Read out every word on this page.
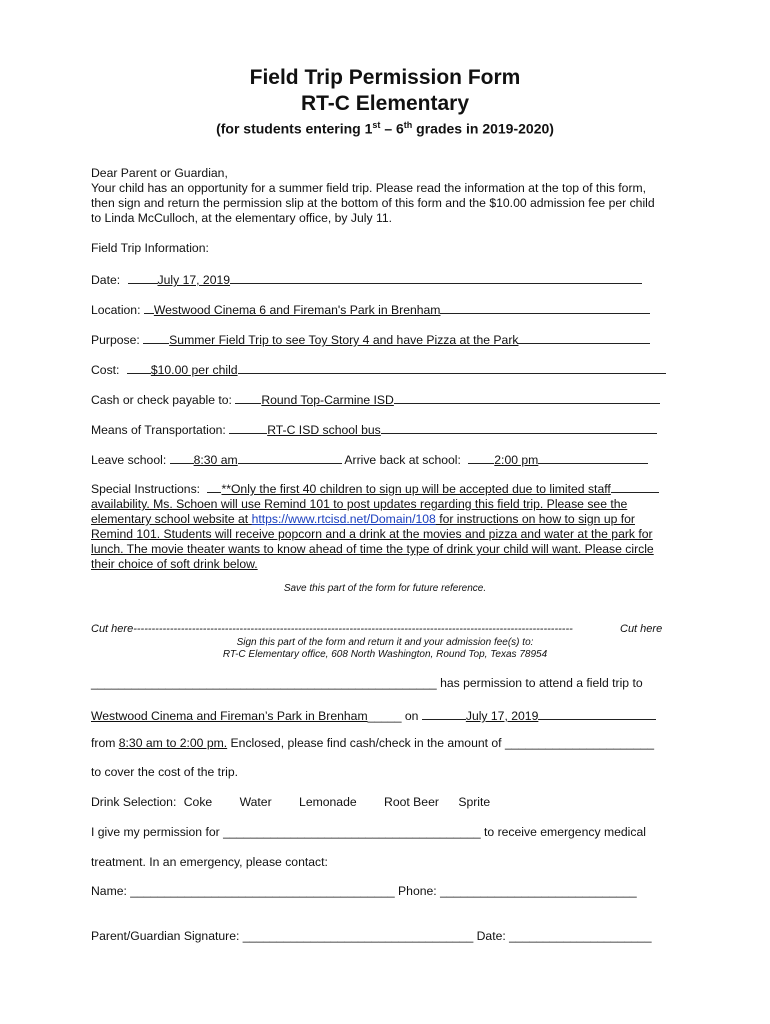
Field Trip Permission Form
RT-C Elementary
(for students entering 1st – 6th grades in 2019-2020)
Dear Parent or Guardian,
Your child has an opportunity for a summer field trip. Please read the information at the top of this form,
then sign and return the permission slip at the bottom of this form and the $10.00 admission fee per child
to Linda McCulloch, at the elementary office, by July 11.
Field Trip Information:
Date:	July 17, 2019
Location: Westwood Cinema 6 and Fireman's Park in Brenham
Purpose: Summer Field Trip to see Toy Story 4 and have Pizza at the Park
Cost:	$10.00 per child
Cash or check payable to: Round Top-Carmine ISD
Means of Transportation:	RT-C ISD school bus
Leave school: 8:30 am	Arrive back at school:	2:00 pm
Special Instructions: **Only the first 40 children to sign up will be accepted due to limited staff
availability. Ms. Schoen will use Remind 101 to post updates regarding this field trip. Please see the
elementary school website at https://www.rtcisd.net/Domain/108 for instructions on how to sign up for
Remind 101. Students will receive popcorn and a drink at the movies and pizza and water at the park for
lunch. The movie theater wants to know ahead of time the type of drink your child will want. Please circle
their choice of soft drink below.
Save this part of the form for future reference.
Cut here------------------------------------------------------------------------------------------------------------------------	Cut here
Sign this part of the form and return it and your admission fee(s) to:
RT-C Elementary office, 608 North Washington, Round Top, Texas 78954
___________________________________________________ has permission to attend a field trip to
Westwood Cinema and Fireman’s Park in Brenham_____ on	July 17, 2019
from 8:30 am to 2:00 pm. Enclosed, please find cash/check in the amount of ______________________
to cover the cost of the trip.
Drink Selection: Coke Water Lemonade Root Beer Sprite
I give my permission for ______________________________________ to receive emergency medical
treatment. In an emergency, please contact:
Name: _______________________________________ Phone: _____________________________
Parent/Guardian Signature: __________________________________ Date: _____________________
